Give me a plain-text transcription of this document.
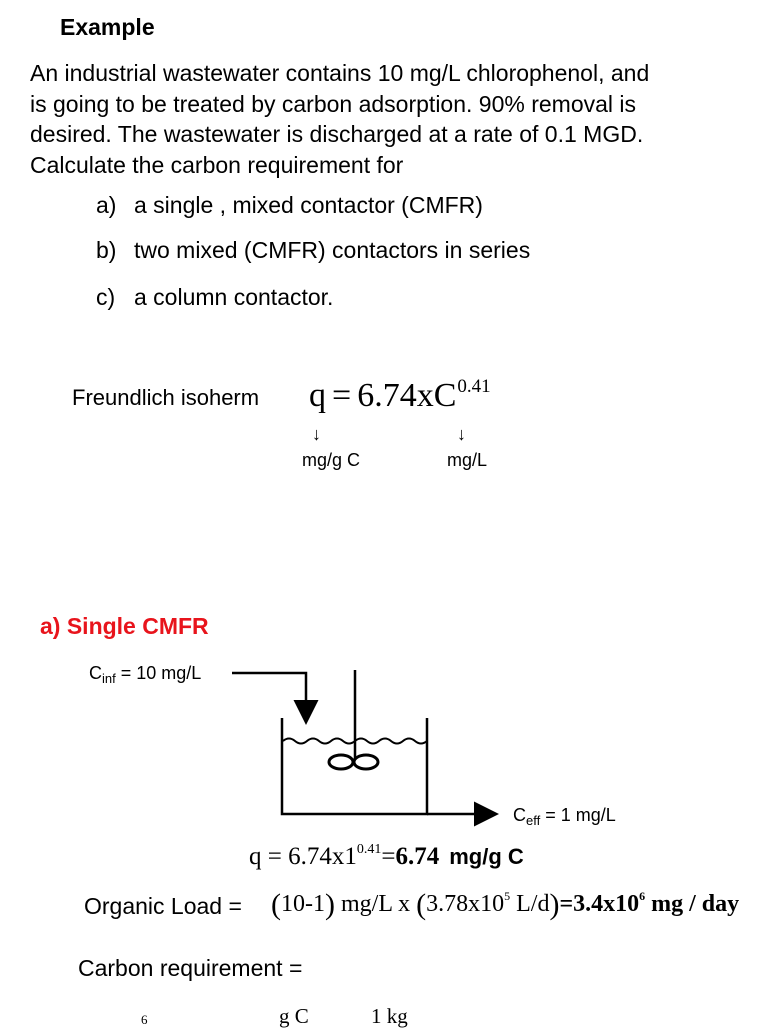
Example
An industrial wastewater contains 10 mg/L chlorophenol, and
is going to be treated by carbon adsorption. 90% removal is
desired. The wastewater is discharged at a rate of 0.1 MGD.
Calculate the carbon requirement for
a) a single , mixed contactor (CMFR)
b) two mixed (CMFR) contactors in series
c) a column contactor.
Freundlich isoherm $q = 6.74xC^{0.41}$
↓	↓
mg/g C	mg/L
a) Single CMFR
$C_{inf} = 10$ mg/L
$C_{eff} = 1$ mg/L
$q = 6.74x1^{0.41}=6.74$ mg/g C
Organic Load = (10-1) mg/L x ($3.78x10^5$ $L/d)=3.4x10^6$ mg / day
Carbon requirement =
6	g C	1 kg
